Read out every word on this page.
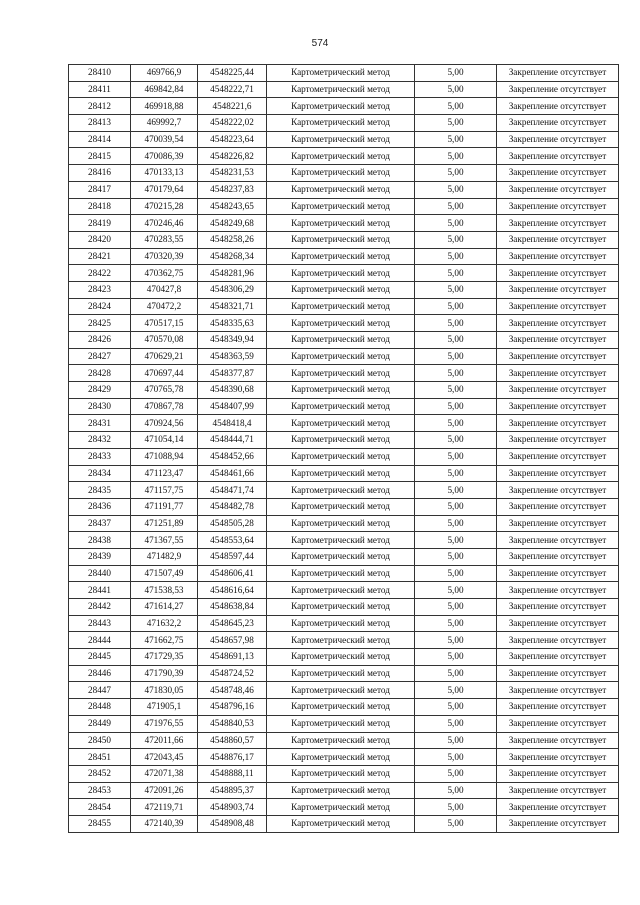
574
28410	469766,9	4548225,44	Картометрический метод	5,00	Закрепление отсутствует
28411	469842,84	4548222,71	Картометрический метод	5,00	Закрепление отсутствует
28412	469918,88	4548221,6	Картометрический метод	5,00	Закрепление отсутствует
28413	469992,7	4548222,02	Картометрический метод	5,00	Закрепление отсутствует
28414	470039,54	4548223,64	Картометрический метод	5,00	Закрепление отсутствует
28415	470086,39	4548226,82	Картометрический метод	5,00	Закрепление отсутствует
28416	470133,13	4548231,53	Картометрический метод	5,00	Закрепление отсутствует
28417	470179,64	4548237,83	Картометрический метод	5,00	Закрепление отсутствует
28418	470215,28	4548243,65	Картометрический метод	5,00	Закрепление отсутствует
28419	470246,46	4548249,68	Картометрический метод	5,00	Закрепление отсутствует
28420	470283,55	4548258,26	Картометрический метод	5,00	Закрепление отсутствует
28421	470320,39	4548268,34	Картометрический метод	5,00	Закрепление отсутствует
28422	470362,75	4548281,96	Картометрический метод	5,00	Закрепление отсутствует
28423	470427,8	4548306,29	Картометрический метод	5,00	Закрепление отсутствует
28424	470472,2	4548321,71	Картометрический метод	5,00	Закрепление отсутствует
28425	470517,15	4548335,63	Картометрический метод	5,00	Закрепление отсутствует
28426	470570,08	4548349,94	Картометрический метод	5,00	Закрепление отсутствует
28427	470629,21	4548363,59	Картометрический метод	5,00	Закрепление отсутствует
28428	470697,44	4548377,87	Картометрический метод	5,00	Закрепление отсутствует
28429	470765,78	4548390,68	Картометрический метод	5,00	Закрепление отсутствует
28430	470867,78	4548407,99	Картометрический метод	5,00	Закрепление отсутствует
28431	470924,56	4548418,4	Картометрический метод	5,00	Закрепление отсутствует
28432	471054,14	4548444,71	Картометрический метод	5,00	Закрепление отсутствует
28433	471088,94	4548452,66	Картометрический метод	5,00	Закрепление отсутствует
28434	471123,47	4548461,66	Картометрический метод	5,00	Закрепление отсутствует
28435	471157,75	4548471,74	Картометрический метод	5,00	Закрепление отсутствует
28436	471191,77	4548482,78	Картометрический метод	5,00	Закрепление отсутствует
28437	471251,89	4548505,28	Картометрический метод	5,00	Закрепление отсутствует
28438	471367,55	4548553,64	Картометрический метод	5,00	Закрепление отсутствует
28439	471482,9	4548597,44	Картометрический метод	5,00	Закрепление отсутствует
28440	471507,49	4548606,41	Картометрический метод	5,00	Закрепление отсутствует
28441	471538,53	4548616,64	Картометрический метод	5,00	Закрепление отсутствует
28442	471614,27	4548638,84	Картометрический метод	5,00	Закрепление отсутствует
28443	471632,2	4548645,23	Картометрический метод	5,00	Закрепление отсутствует
28444	471662,75	4548657,98	Картометрический метод	5,00	Закрепление отсутствует
28445	471729,35	4548691,13	Картометрический метод	5,00	Закрепление отсутствует
28446	471790,39	4548724,52	Картометрический метод	5,00	Закрепление отсутствует
28447	471830,05	4548748,46	Картометрический метод	5,00	Закрепление отсутствует
28448	471905,1	4548796,16	Картометрический метод	5,00	Закрепление отсутствует
28449	471976,55	4548840,53	Картометрический метод	5,00	Закрепление отсутствует
28450	472011,66	4548860,57	Картометрический метод	5,00	Закрепление отсутствует
28451	472043,45	4548876,17	Картометрический метод	5,00	Закрепление отсутствует
28452	472071,38	4548888,11	Картометрический метод	5,00	Закрепление отсутствует
28453	472091,26	4548895,37	Картометрический метод	5,00	Закрепление отсутствует
28454	472119,71	4548903,74	Картометрический метод	5,00	Закрепление отсутствует
28455	472140,39	4548908,48	Картометрический метод	5,00	Закрепление отсутствует
